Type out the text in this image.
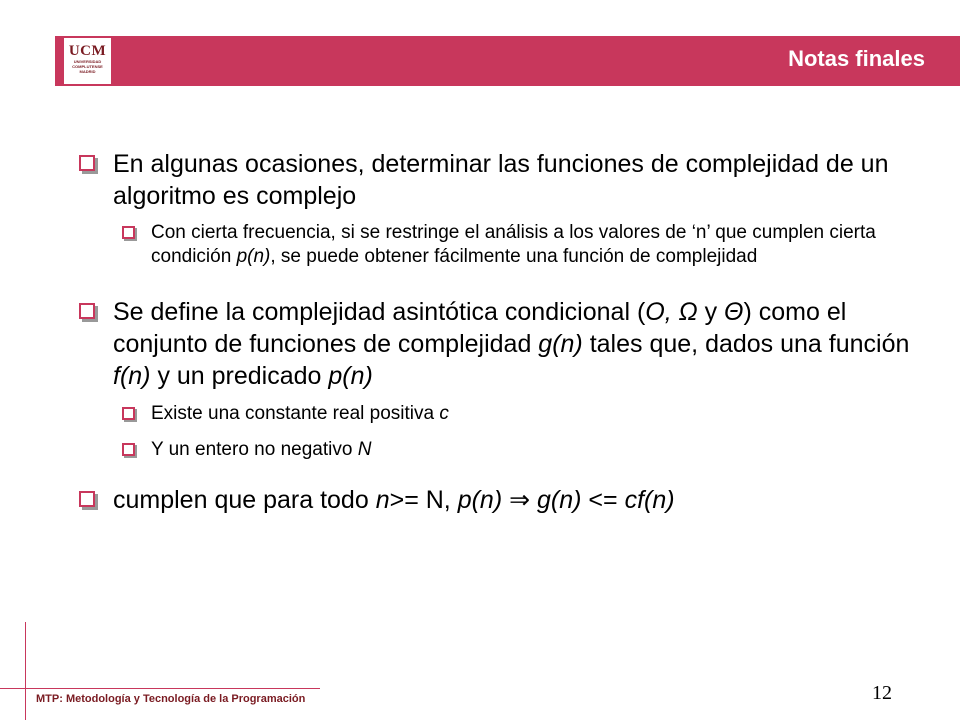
Notas finales
UCM
UNIVERSIDAD
COMPLUTENSE
MADRID
En algunas ocasiones, determinar las funciones de complejidad de un algoritmo es complejo
Con cierta frecuencia, si se restringe el análisis a los valores de ‘n’ que cumplen cierta condición p(n), se puede obtener fácilmente una función de complejidad
Se define la complejidad asintótica condicional (O, Ω y Θ) como el conjunto de funciones de complejidad g(n) tales que, dados una función f(n) y un predicado p(n)
Existe una constante real positiva c
Y un entero no negativo N
cumplen que para todo n>= N, p(n) ⇒ g(n) <= cf(n)
MTP: Metodología y Tecnología de la Programación	12
